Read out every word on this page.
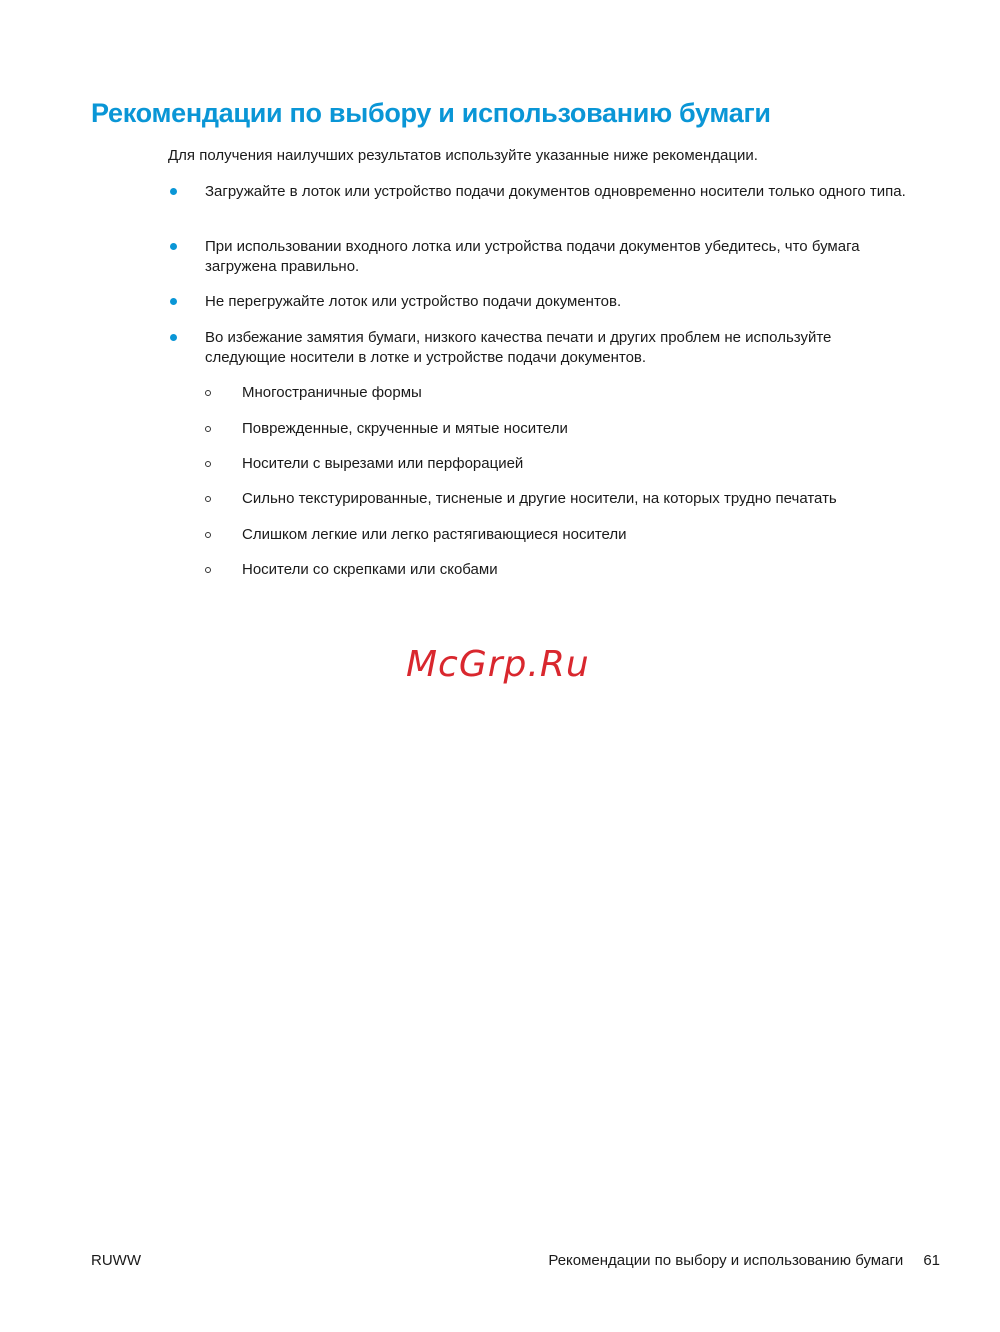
Рекомендации по выбору и использованию бумаги
Для получения наилучших результатов используйте указанные ниже рекомендации.
Загружайте в лоток или устройство подачи документов одновременно носители только одного типа.
При использовании входного лотка или устройства подачи документов убедитесь, что бумага загружена правильно.
Не перегружайте лоток или устройство подачи документов.
Во избежание замятия бумаги, низкого качества печати и других проблем не используйте следующие носители в лотке и устройстве подачи документов.
Многостраничные формы
Поврежденные, скрученные и мятые носители
Носители с вырезами или перфорацией
Сильно текстурированные, тисненые и другие носители, на которых трудно печатать
Слишком легкие или легко растягивающиеся носители
Носители со скрепками или скобами
McGrp.Ru
RUWW	Рекомендации по выбору и использованию бумаги 61
